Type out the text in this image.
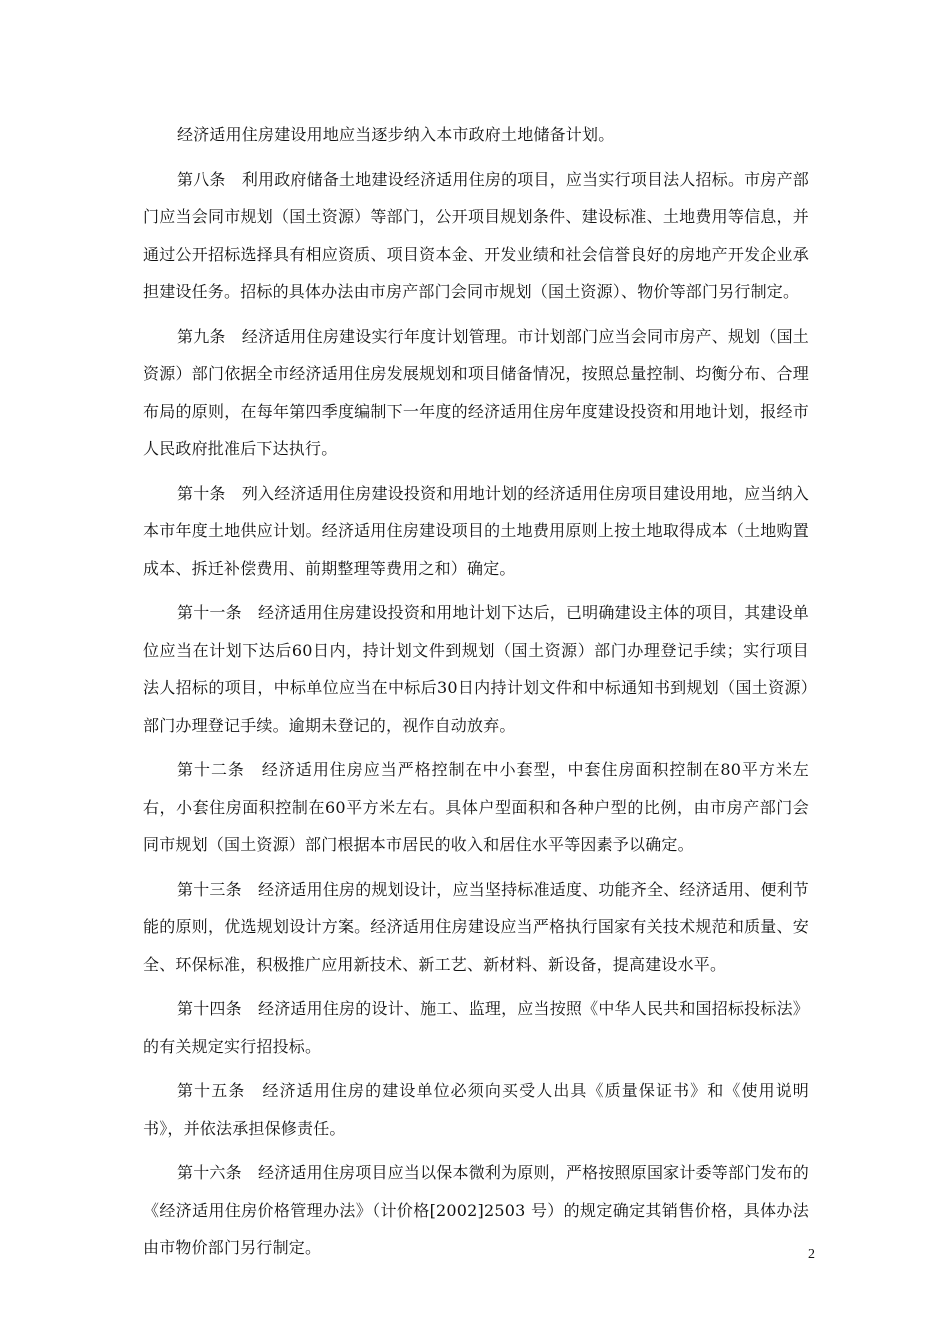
经济适用住房建设用地应当逐步纳入本市政府土地储备计划。

第八条　利用政府储备土地建设经济适用住房的项目，应当实行项目法人招标。市房产部门应当会同市规划（国土资源）等部门，公开项目规划条件、建设标准、土地费用等信息，并通过公开招标选择具有相应资质、项目资本金、开发业绩和社会信誉良好的房地产开发企业承担建设任务。招标的具体办法由市房产部门会同市规划（国土资源）、物价等部门另行制定。

第九条　经济适用住房建设实行年度计划管理。市计划部门应当会同市房产、规划（国土资源）部门依据全市经济适用住房发展规划和项目储备情况，按照总量控制、均衡分布、合理布局的原则，在每年第四季度编制下一年度的经济适用住房年度建设投资和用地计划，报经市人民政府批准后下达执行。

第十条　列入经济适用住房建设投资和用地计划的经济适用住房项目建设用地，应当纳入本市年度土地供应计划。经济适用住房建设项目的土地费用原则上按土地取得成本（土地购置成本、拆迁补偿费用、前期整理等费用之和）确定。

第十一条　经济适用住房建设投资和用地计划下达后，已明确建设主体的项目，其建设单位应当在计划下达后60日内，持计划文件到规划（国土资源）部门办理登记手续；实行项目法人招标的项目，中标单位应当在中标后30日内持计划文件和中标通知书到规划（国土资源）部门办理登记手续。逾期未登记的，视作自动放弃。

第十二条　经济适用住房应当严格控制在中小套型，中套住房面积控制在80平方米左右，小套住房面积控制在60平方米左右。具体户型面积和各种户型的比例，由市房产部门会同市规划（国土资源）部门根据本市居民的收入和居住水平等因素予以确定。

第十三条　经济适用住房的规划设计，应当坚持标准适度、功能齐全、经济适用、便利节能的原则，优选规划设计方案。经济适用住房建设应当严格执行国家有关技术规范和质量、安全、环保标准，积极推广应用新技术、新工艺、新材料、新设备，提高建设水平。

第十四条　经济适用住房的设计、施工、监理，应当按照《中华人民共和国招标投标法》的有关规定实行招投标。

第十五条　经济适用住房的建设单位必须向买受人出具《质量保证书》和《使用说明书》，并依法承担保修责任。

第十六条　经济适用住房项目应当以保本微利为原则，严格按照原国家计委等部门发布的《经济适用住房价格管理办法》（计价格[2002]2503 号）的规定确定其销售价格，具体办法由市物价部门另行制定。	2
